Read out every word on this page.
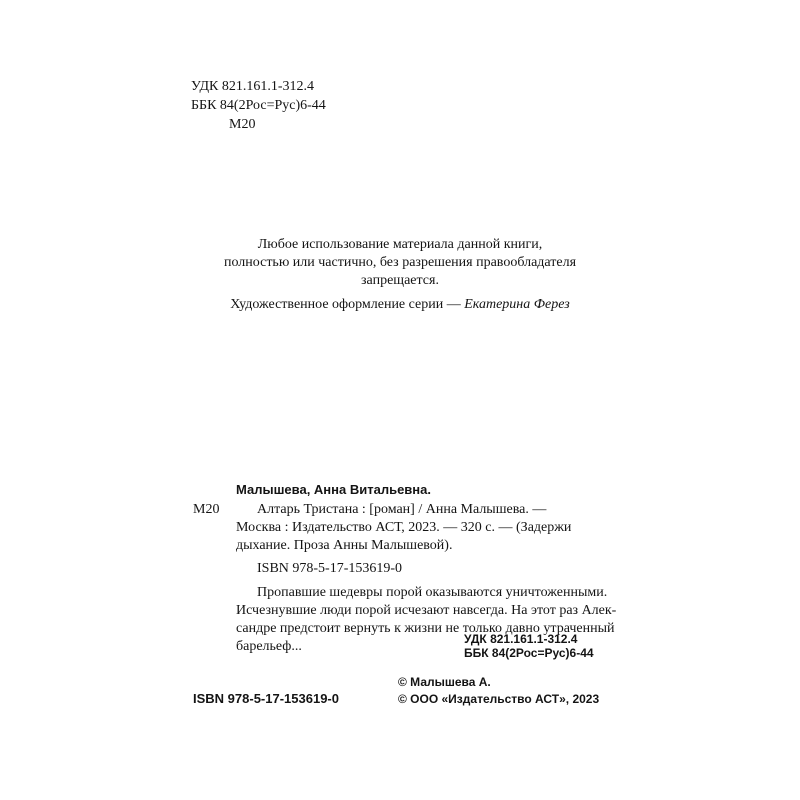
УДК 821.161.1-312.4
ББК 84(2Рос=Рус)6-44
М20
Любое использование материала данной книги,
полностью или частично, без разрешения правообладателя
запрещается.
Художественное оформление серии — Екатерина Ферез
Малышева, Анна Витальевна.
М20	Алтарь Тристана : [роман] / Анна Малышева. —
Москва : Издательство АСТ, 2023. — 320 с. — (Задержи
дыхание. Проза Анны Малышевой).
ISBN 978-5-17-153619-0
Пропавшие шедевры порой оказываются уничтоженными.
Исчезнувшие люди порой исчезают навсегда. На этот раз Алек-
сандре предстоит вернуть к жизни не только давно утраченный
барельеф...	УДК 821.161.1-312.4
ББК 84(2Рос=Рус)6-44
ISBN 978-5-17-153619-0
© Малышева А.
© ООО «Издательство АСТ», 2023
